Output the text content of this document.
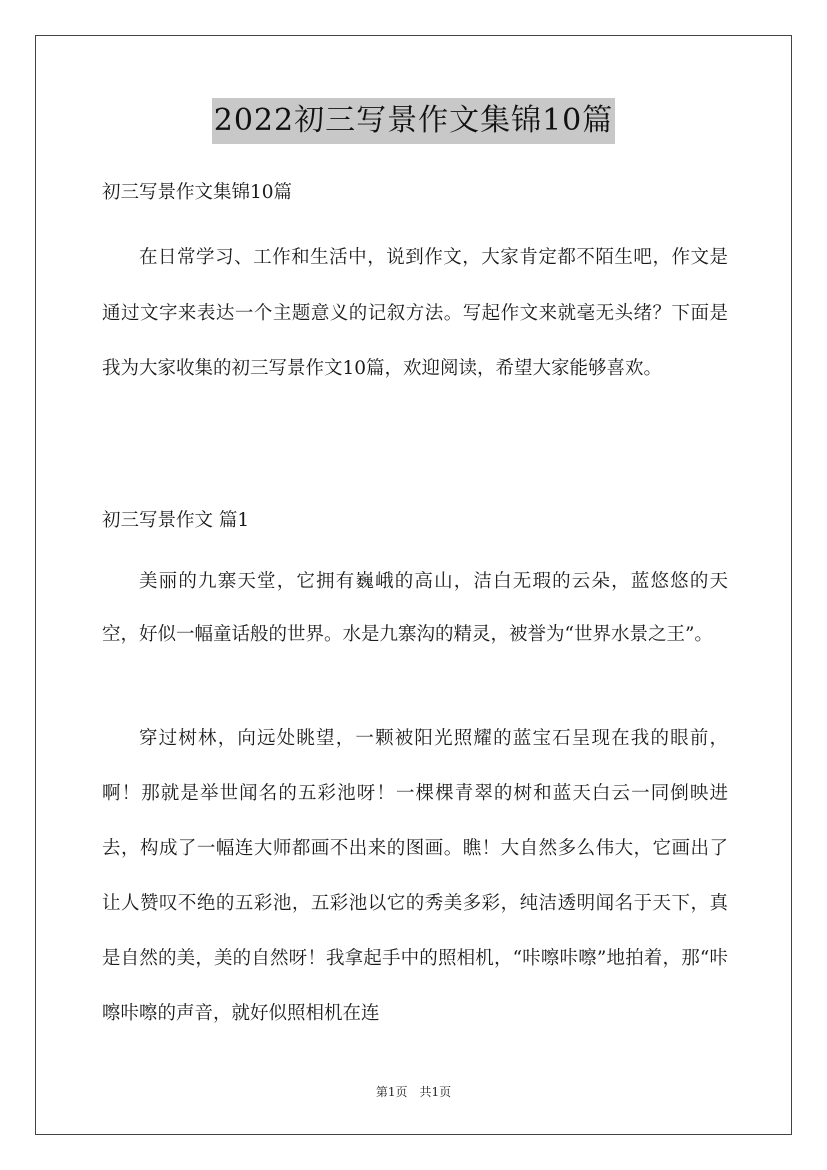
2022初三写景作文集锦10篇
初三写景作文集锦10篇
在日常学习、工作和生活中，说到作文，大家肯定都不陌生吧，作文是通过文字来表达一个主题意义的记叙方法。写起作文来就毫无头绪？下面是我为大家收集的初三写景作文10篇，欢迎阅读，希望大家能够喜欢。
初三写景作文 篇1
美丽的九寨天堂，它拥有巍峨的高山，洁白无瑕的云朵，蓝悠悠的天空，好似一幅童话般的世界。水是九寨沟的精灵，被誉为“世界水景之王”。
穿过树林，向远处眺望，一颗被阳光照耀的蓝宝石呈现在我的眼前，啊！那就是举世闻名的五彩池呀！一棵棵青翠的树和蓝天白云一同倒映进去，构成了一幅连大师都画不出来的图画。瞧！大自然多么伟大，它画出了让人赞叹不绝的五彩池，五彩池以它的秀美多彩，纯洁透明闻名于天下，真是自然的美，美的自然呀！我拿起手中的照相机，“咔嚓咔嚓”地拍着，那“咔嚓咔嚓的声音，就好似照相机在连
第1页　共1页
